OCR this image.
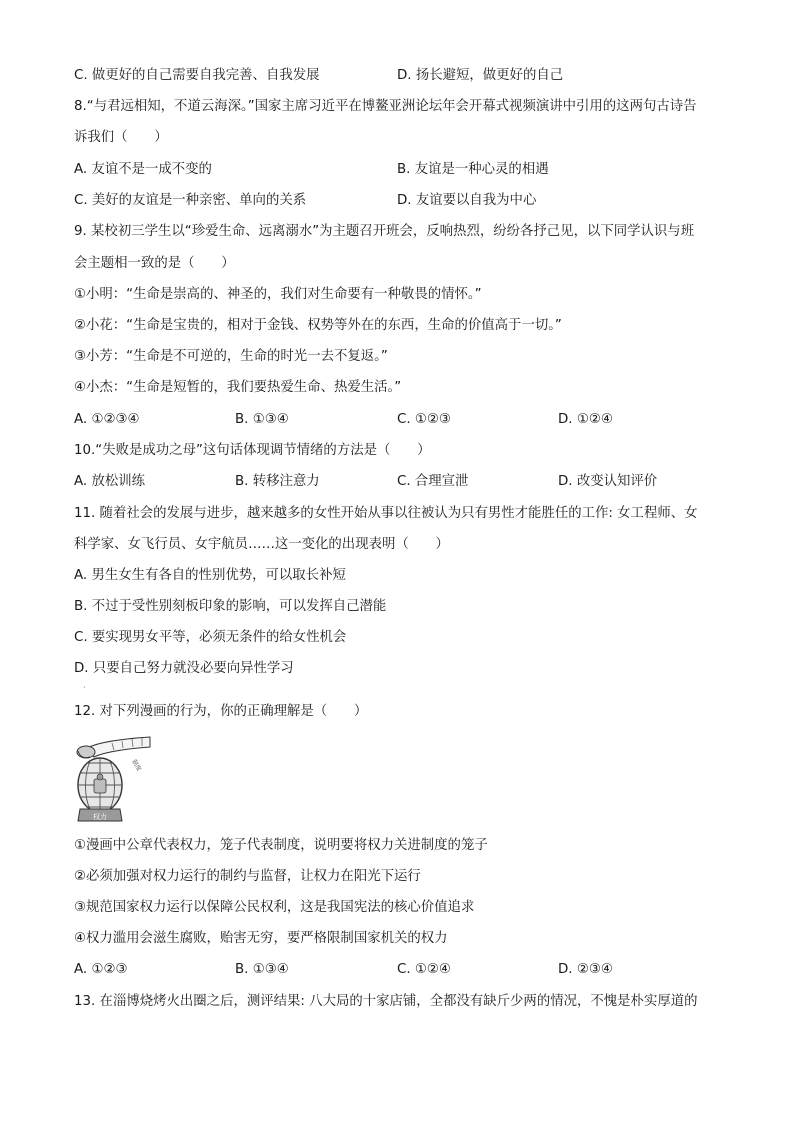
C. 做更好的自己需要自我完善、自我发展	D. 扬长避短，做更好的自己
8.“与君远相知，不道云海深。”国家主席习近平在博鳌亚洲论坛年会开幕式视频演讲中引用的这两句古诗告
诉我们（　　）
A. 友谊不是一成不变的	B. 友谊是一种心灵的相遇
C. 美好的友谊是一种亲密、单向的关系	D. 友谊要以自我为中心
9. 某校初三学生以“珍爱生命、远离溺水”为主题召开班会，反响热烈，纷纷各抒己见，以下同学认识与班
会主题相一致的是（　　）
①小明：“生命是崇高的、神圣的，我们对生命要有一种敬畏的情怀。”
②小花：“生命是宝贵的，相对于金钱、权势等外在的东西，生命的价值高于一切。”
③小芳：“生命是不可逆的，生命的时光一去不复返。”
④小杰：“生命是短暂的，我们要热爱生命、热爱生活。”
A. ①②③④	B. ①③④	C. ①②③	D. ①②④
10.“失败是成功之母”这句话体现调节情绪的方法是（　　）
A. 放松训练	B. 转移注意力	C. 合理宣泄	D. 改变认知评价
11. 随着社会的发展与进步，越来越多的女性开始从事以往被认为只有男性才能胜任的工作: 女工程师、女
科学家、女飞行员、女宇航员……这一变化的出现表明（　　）
A. 男生女生有各自的性别优势，可以取长补短
B. 不过于受性别刻板印象的影响，可以发挥自己潜能
C. 要实现男女平等，必须无条件的给女性机会
D. 只要自己努力就没必要向异性学习
·
12. 对下列漫画的行为，你的正确理解是（　　）
权力
制度
①漫画中公章代表权力，笼子代表制度，说明要将权力关进制度的笼子
②必须加强对权力运行的制约与监督，让权力在阳光下运行
③规范国家权力运行以保障公民权利，这是我国宪法的核心价值追求
④权力滥用会滋生腐败，贻害无穷，要严格限制国家机关的权力
A. ①②③	B. ①③④	C. ①②④	D. ②③④
13. 在淄博烧烤火出圈之后，测评结果: 八大局的十家店铺，全都没有缺斤少两的情况，不愧是朴实厚道的
